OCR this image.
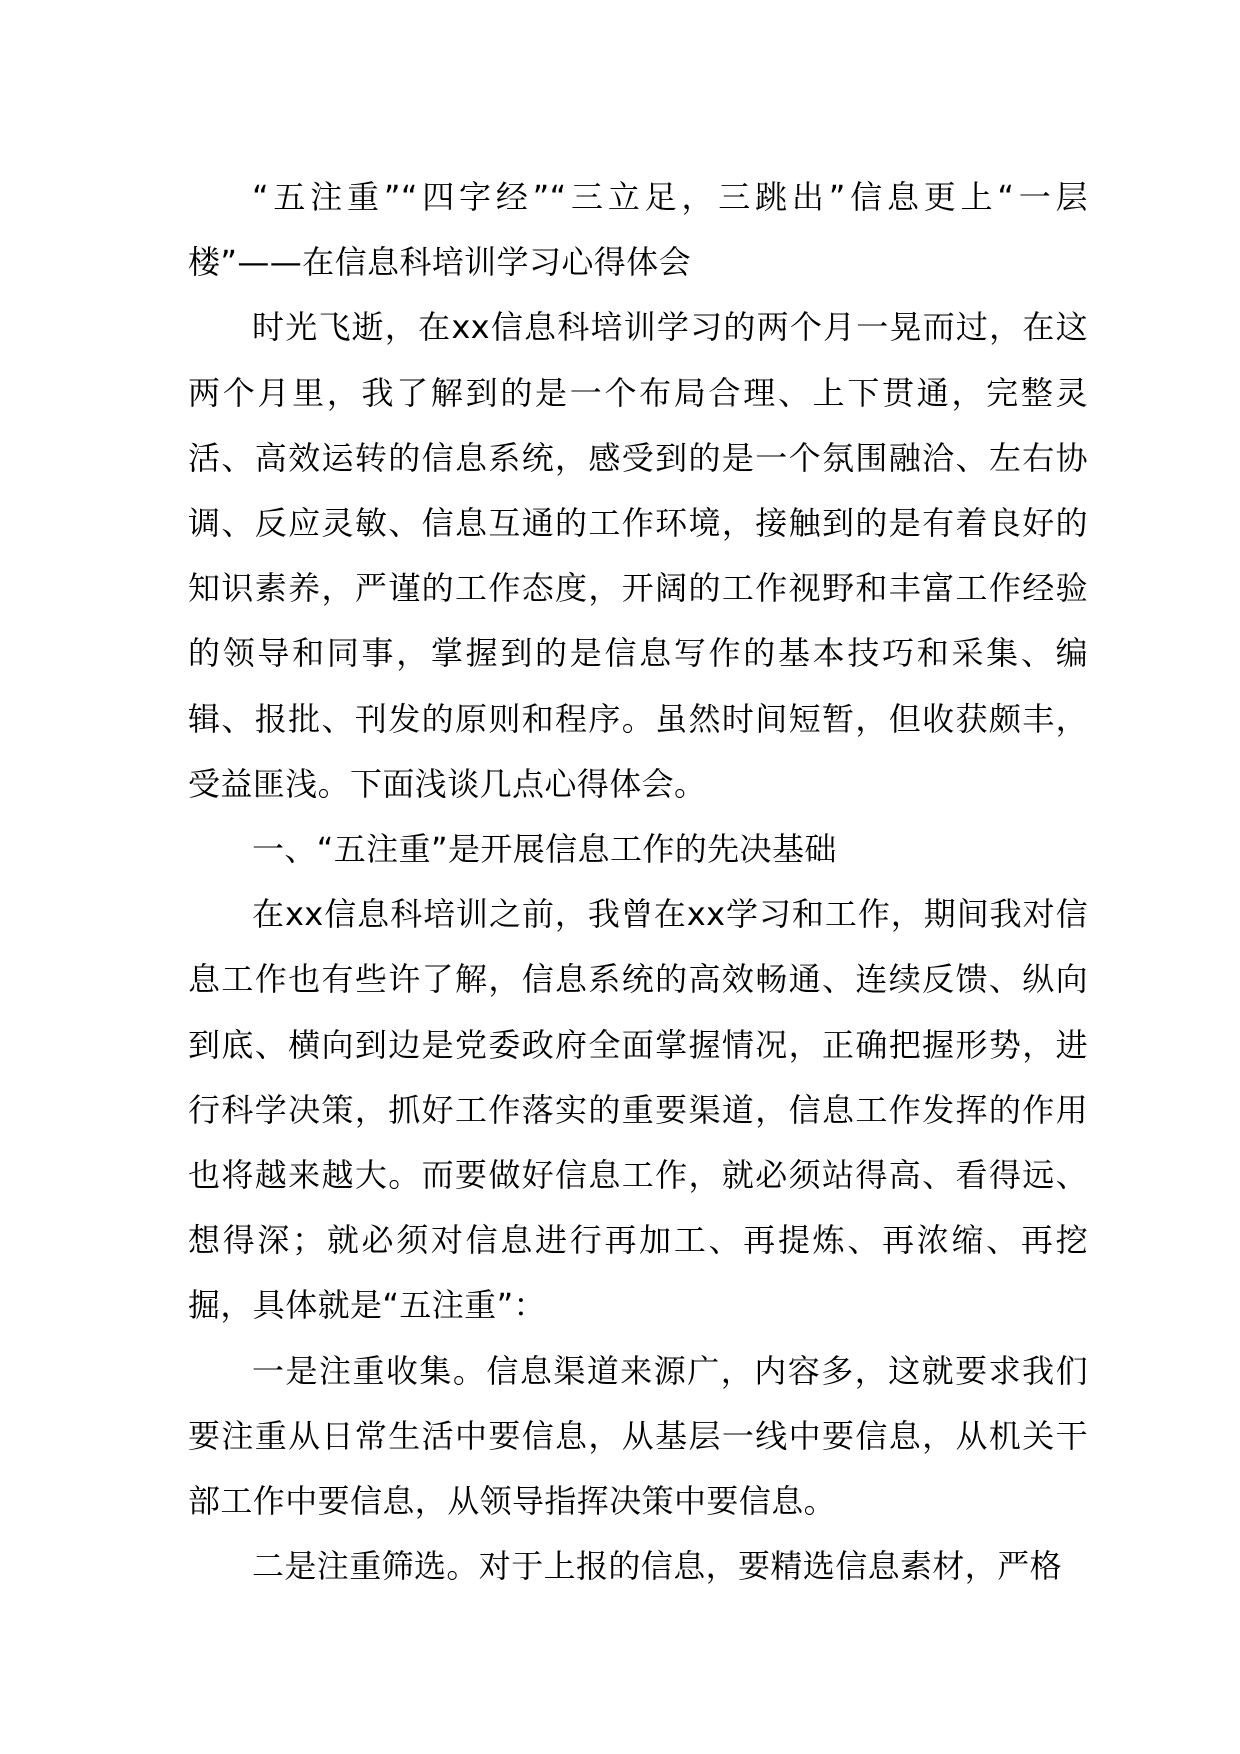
“五注重”“四字经”“三立足，三跳出”信息更上“一层楼”——在信息科培训学习心得体会

时光飞逝，在xx信息科培训学习的两个月一晃而过，在这两个月里，我了解到的是一个布局合理、上下贯通，完整灵活、高效运转的信息系统，感受到的是一个氛围融洽、左右协调、反应灵敏、信息互通的工作环境，接触到的是有着良好的知识素养，严谨的工作态度，开阔的工作视野和丰富工作经验的领导和同事，掌握到的是信息写作的基本技巧和采集、编辑、报批、刊发的原则和程序。虽然时间短暂，但收获颇丰，受益匪浅。下面浅谈几点心得体会。

一、“五注重”是开展信息工作的先决基础

在xx信息科培训之前，我曾在xx学习和工作，期间我对信息工作也有些许了解，信息系统的高效畅通、连续反馈、纵向到底、横向到边是党委政府全面掌握情况，正确把握形势，进行科学决策，抓好工作落实的重要渠道，信息工作发挥的作用也将越来越大。而要做好信息工作，就必须站得高、看得远、想得深；就必须对信息进行再加工、再提炼、再浓缩、再挖掘，具体就是“五注重”：

一是注重收集。信息渠道来源广，内容多，这就要求我们要注重从日常生活中要信息，从基层一线中要信息，从机关干部工作中要信息，从领导指挥决策中要信息。

二是注重筛选。对于上报的信息，要精选信息素材，严格
